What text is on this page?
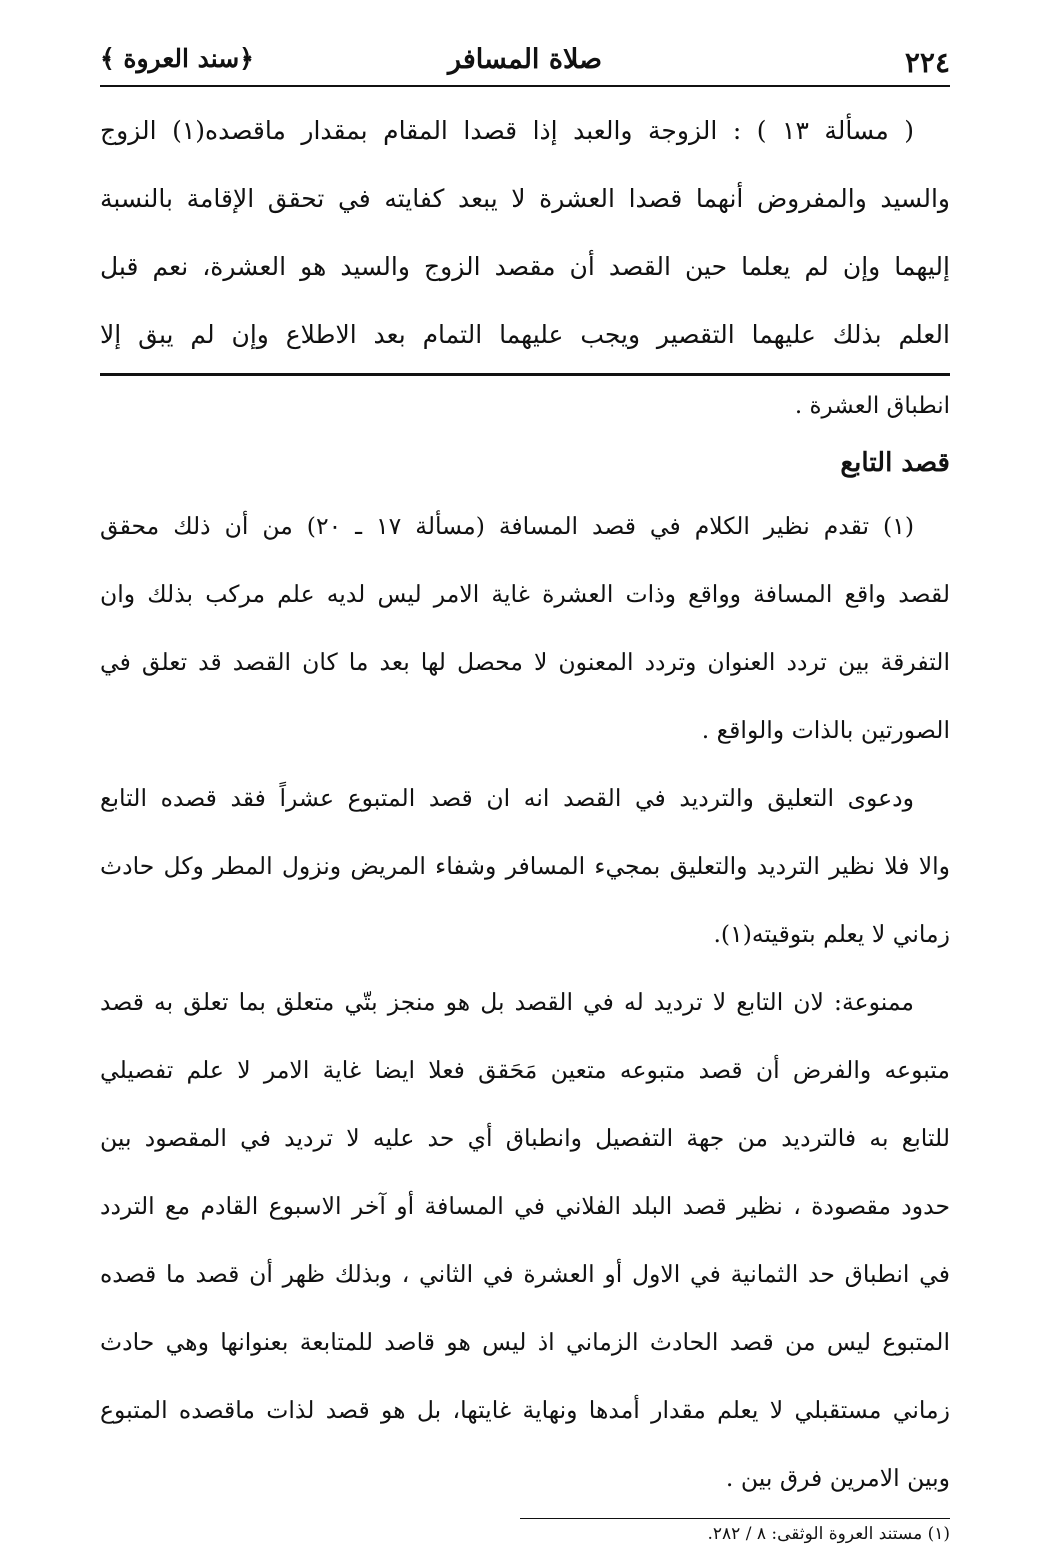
٢٢٤
صلاة المسافر
﴿سند العروة ﴾
( مسألة ١٣ ) : الزوجة والعبد إذا قصدا المقام بمقدار ماقصده(١) الزوج
والسيد والمفروض أنهما قصدا العشرة لا يبعد كفايته في تحقق الإقامة بالنسبة
إليهما وإن لم يعلما حين القصد أن مقصد الزوج والسيد هو العشرة، نعم قبل
العلم بذلك عليهما التقصير ويجب عليهما التمام بعد الاطلاع وإن لم يبق إلا
انطباق العشرة .
قصد التابع
(١) تقدم نظير الكلام في قصد المسافة (مسألة ١٧ ـ ٢٠) من أن ذلك محقق
لقصد واقع المسافة وواقع وذات العشرة غاية الامر ليس لديه علم مركب بذلك وان
التفرقة بين تردد العنوان وتردد المعنون لا محصل لها بعد ما كان القصد قد تعلق في
الصورتين بالذات والواقع .
ودعوى التعليق والترديد في القصد انه ان قصد المتبوع عشراً فقد قصده التابع
والا فلا نظير الترديد والتعليق بمجيء المسافر وشفاء المريض ونزول المطر وكل حادث
زماني لا يعلم بتوقيته(١).
ممنوعة: لان التابع لا ترديد له في القصد بل هو منجز بتّي متعلق بما تعلق به قصد
متبوعه والفرض أن قصد متبوعه متعين مَحَقق فعلا ايضا غاية الامر لا علم تفصيلي
للتابع به فالترديد من جهة التفصيل وانطباق أي حد عليه لا ترديد في المقصود بين
حدود مقصودة ، نظير قصد البلد الفلاني في المسافة أو آخر الاسبوع القادم مع التردد
في انطباق حد الثمانية في الاول أو العشرة في الثاني ، وبذلك ظهر أن قصد ما قصده
المتبوع ليس من قصد الحادث الزماني اذ ليس هو قاصد للمتابعة بعنوانها وهي حادث
زماني مستقبلي لا يعلم مقدار أمدها ونهاية غايتها، بل هو قصد لذات ماقصده المتبوع
وبين الامرين فرق بين .
(١) مستند العروة الوثقى: ٨ / ٢٨٢.
